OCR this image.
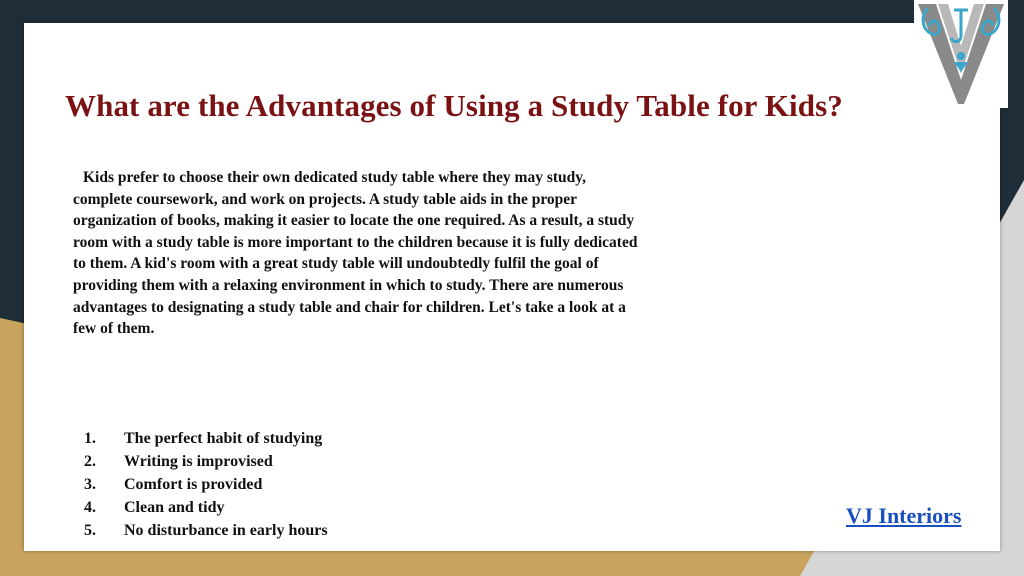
What are the Advantages of Using a Study Table for Kids?

Kids prefer to choose their own dedicated study table where they may study, complete coursework, and work on projects. A study table aids in the proper organization of books, making it easier to locate the one required. As a result, a study room with a study table is more important to the children because it is fully dedicated to them. A kid's room with a great study table will undoubtedly fulfil the goal of providing them with a relaxing environment in which to study. There are numerous advantages to designating a study table and chair for children. Let's take a look at a few of them.

1.	The perfect habit of studying
2.	Writing is improvised
3.	Comfort is provided
4.	Clean and tidy
5.	No disturbance in early hours
VJ Interiors
